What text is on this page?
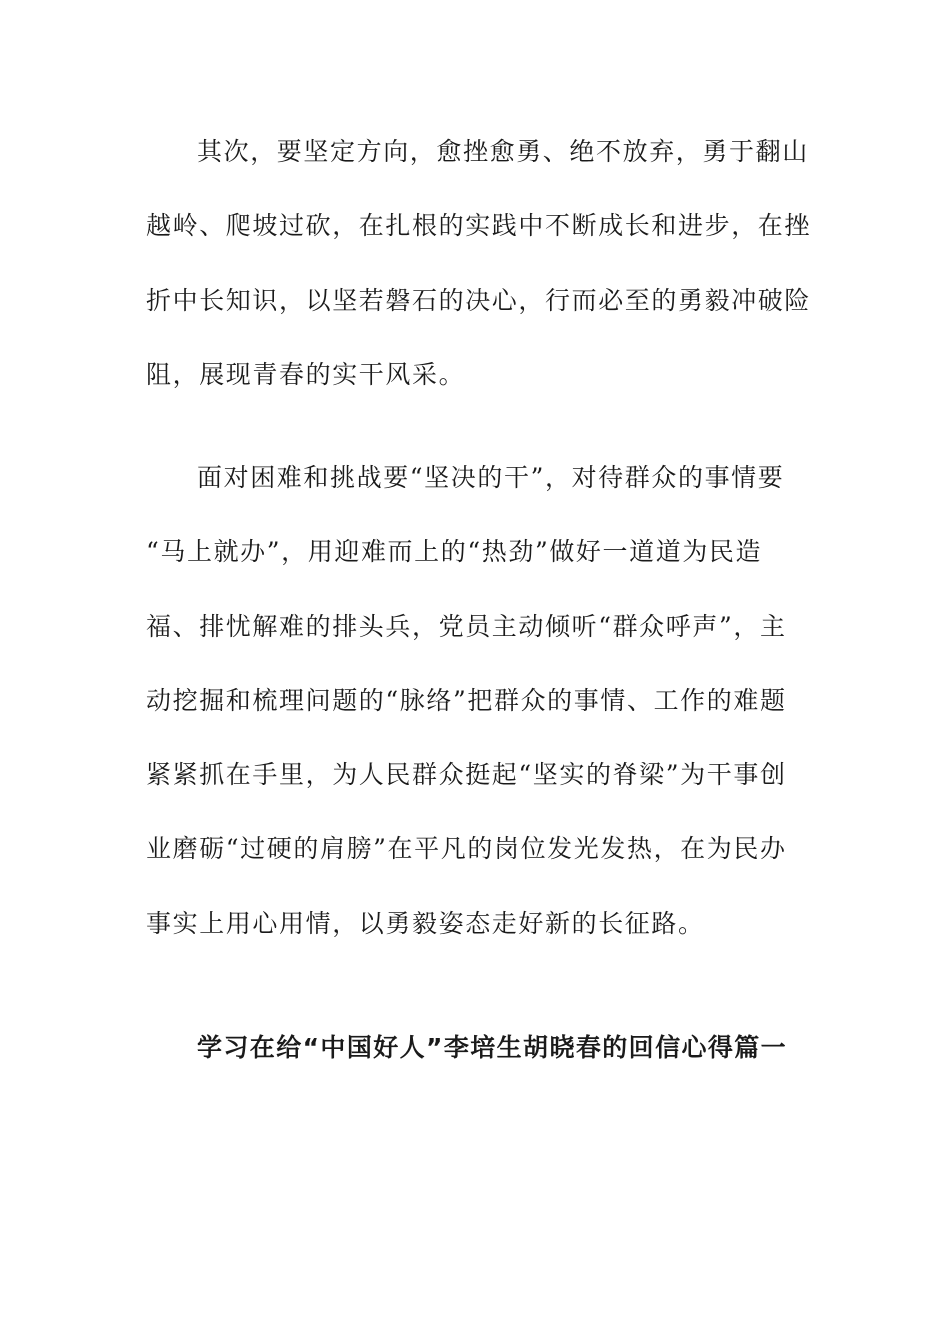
其次，要坚定方向，愈挫愈勇、绝不放弃，勇于翻山
越岭、爬坡过砍，在扎根的实践中不断成长和进步，在挫
折中长知识，以坚若磐石的决心，行而必至的勇毅冲破险
阻，展现青春的实干风采。
面对困难和挑战要“坚决的干”，对待群众的事情要
“马上就办”，用迎难而上的“热劲”做好一道道为民造
福、排忧解难的排头兵，党员主动倾听“群众呼声”，主
动挖掘和梳理问题的“脉络”把群众的事情、工作的难题
紧紧抓在手里，为人民群众挺起“坚实的脊梁”为干事创
业磨砺“过硬的肩膀”在平凡的岗位发光发热，在为民办
事实上用心用情，以勇毅姿态走好新的长征路。
学习在给“中国好人”李培生胡晓春的回信心得篇一
